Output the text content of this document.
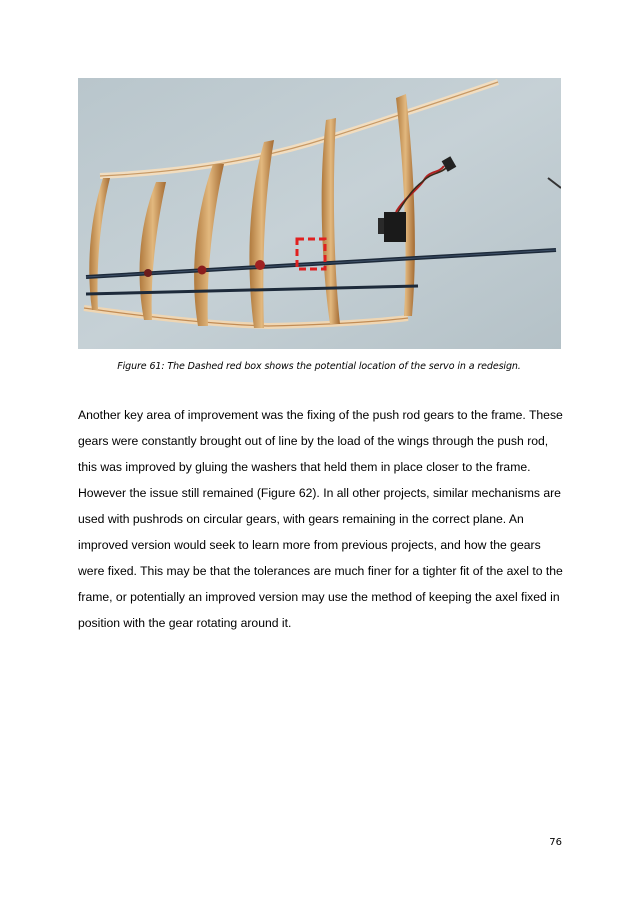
Figure 61: The Dashed red box shows the potential location of the servo in a redesign.

Another key area of improvement was the fixing of the push rod gears to the frame. These gears were constantly brought out of line by the load of the wings through the push rod, this was improved by gluing the washers that held them in place closer to the frame. However the issue still remained (Figure 62). In all other projects, similar mechanisms are used with pushrods on circular gears, with gears remaining in the correct plane. An improved version would seek to learn more from previous projects, and how the gears were fixed. This may be that the tolerances are much finer for a tighter fit of the axel to the frame, or potentially an improved version may use the method of keeping the axel fixed in position with the gear rotating around it.

76
